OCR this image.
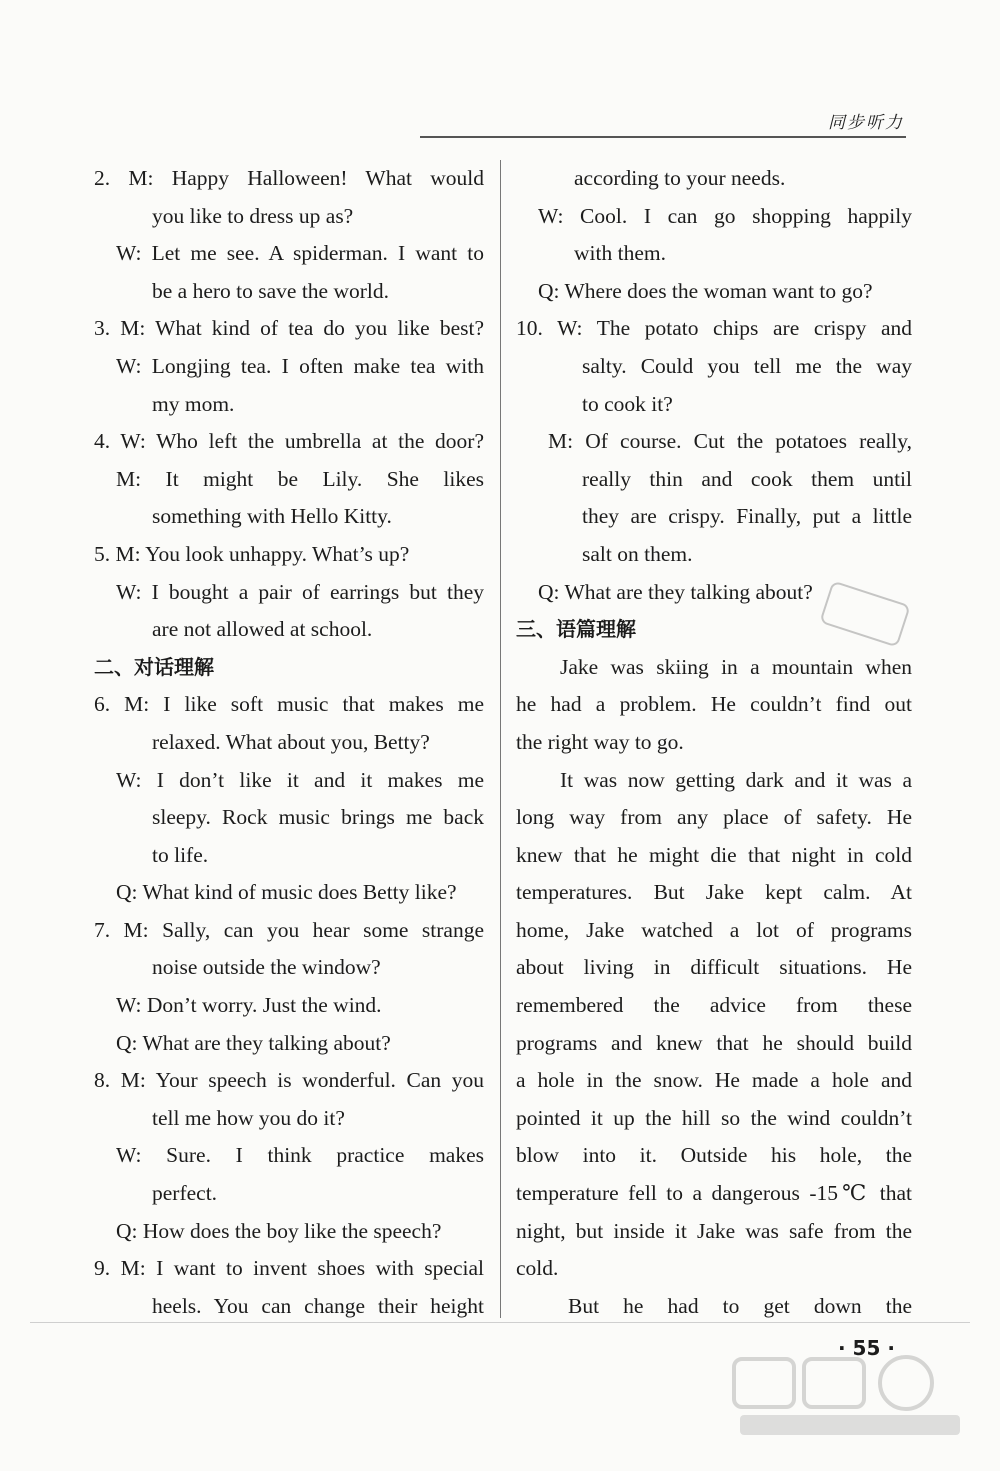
同步听力
2. M: Happy Halloween! What would
you like to dress up as?
W: Let me see. A spiderman. I want to
be a hero to save the world.
3. M: What kind of tea do you like best?
W: Longjing tea. I often make tea with
my mom.
4. W: Who left the umbrella at the door?
M: It might be Lily. She likes
something with Hello Kitty.
5. M: You look unhappy. What’s up?
W: I bought a pair of earrings but they
are not allowed at school.
二、对话理解
6. M: I like soft music that makes me
relaxed. What about you, Betty?
W: I don’t like it and it makes me
sleepy. Rock music brings me back
to life.
Q: What kind of music does Betty like?
7. M: Sally, can you hear some strange
noise outside the window?
W: Don’t worry. Just the wind.
Q: What are they talking about?
8. M: Your speech is wonderful. Can you
tell me how you do it?
W: Sure. I think practice makes
perfect.
Q: How does the boy like the speech?
9. M: I want to invent shoes with special
heels. You can change their height
according to your needs.
W: Cool. I can go shopping happily
with them.
Q: Where does the woman want to go?
10. W: The potato chips are crispy and
salty. Could you tell me the way
to cook it?
M: Of course. Cut the potatoes really,
really thin and cook them until
they are crispy. Finally, put a little
salt on them.
Q: What are they talking about?
三、语篇理解
Jake was skiing in a mountain when
he had a problem. He couldn’t find out
the right way to go.
It was now getting dark and it was a
long way from any place of safety. He
knew that he might die that night in cold
temperatures. But Jake kept calm. At
home, Jake watched a lot of programs
about living in difficult situations. He
remembered the advice from these
programs and knew that he should build
a hole in the snow. He made a hole and
pointed it up the hill so the wind couldn’t
blow into it. Outside his hole, the
temperature fell to a dangerous -15℃ that
night, but inside it Jake was safe from the
cold.
But he had to get down the
· 55 ·
